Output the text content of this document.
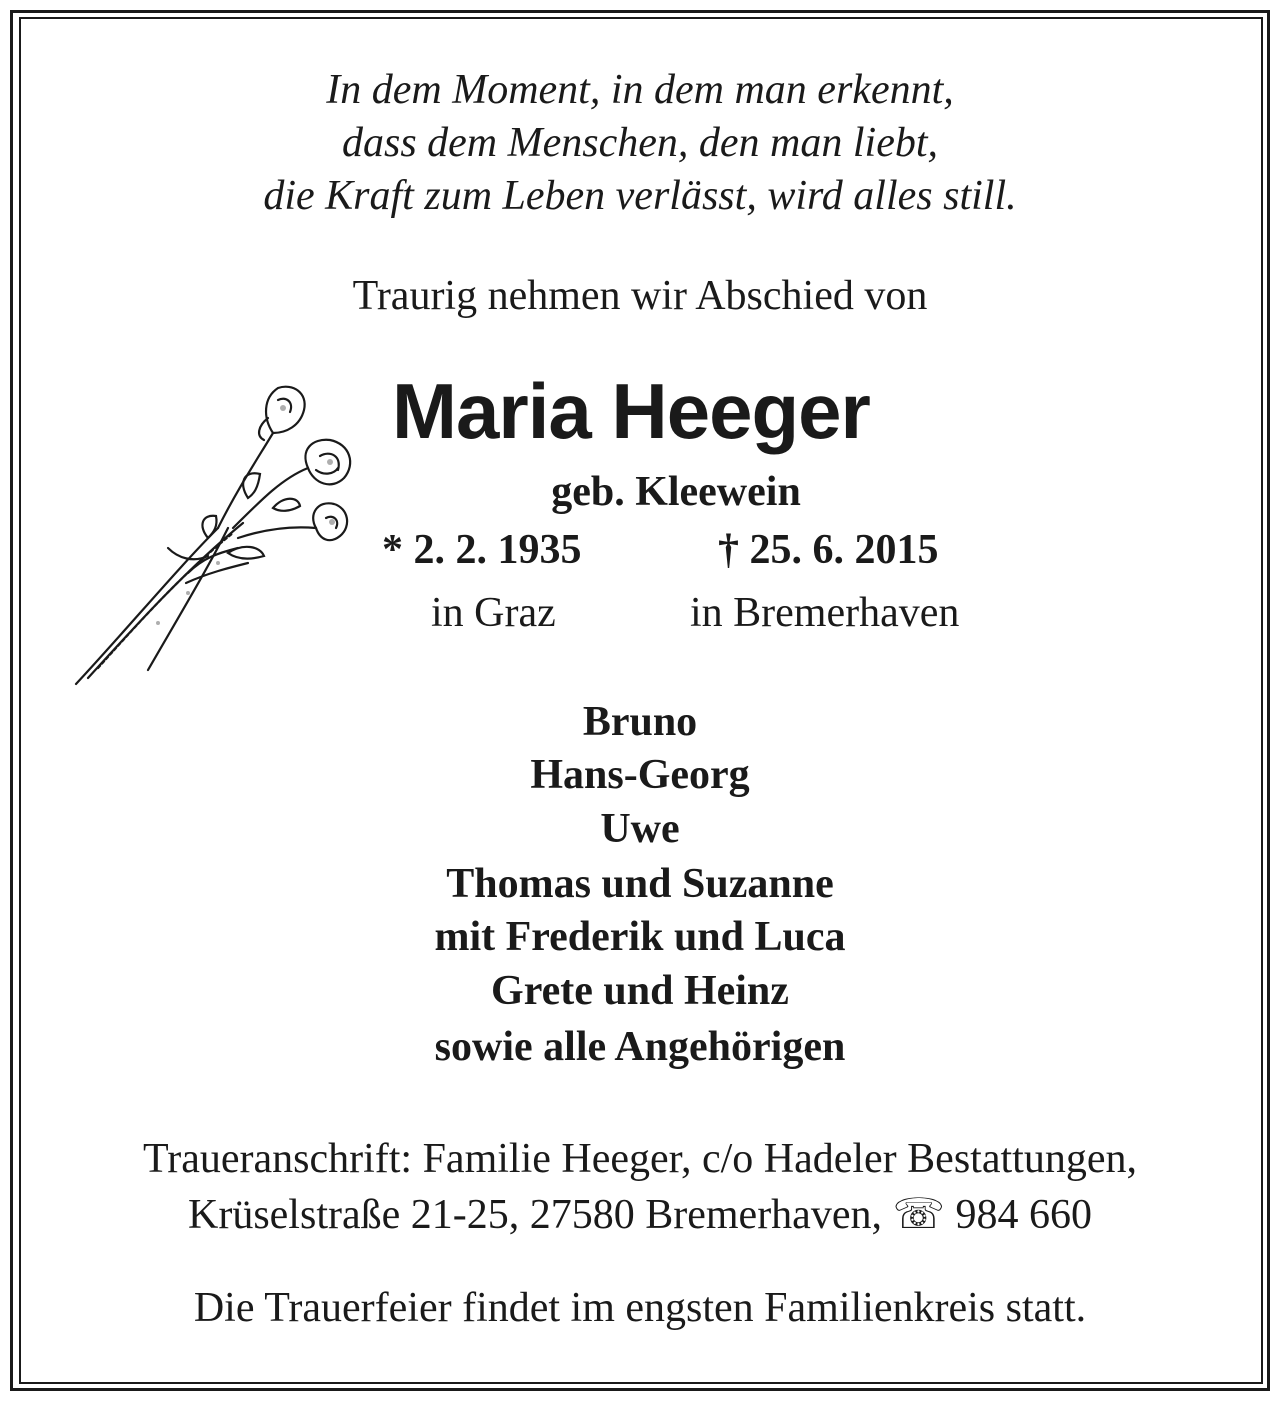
In dem Moment, in dem man erkennt,
dass dem Menschen, den man liebt,
die Kraft zum Leben verlässt, wird alles still.
Traurig nehmen wir Abschied von
Maria Heeger
geb. Kleewein
* 2. 2. 1935	† 25. 6. 2015
in Graz	in Bremerhaven
Bruno
Hans-Georg
Uwe
Thomas und Suzanne
mit Frederik und Luca
Grete und Heinz
sowie alle Angehörigen
Traueranschrift: Familie Heeger, c/o Hadeler Bestattungen,
Krüselstraße 21-25, 27580 Bremerhaven, ☏ 984 660
Die Trauerfeier findet im engsten Familienkreis statt.
